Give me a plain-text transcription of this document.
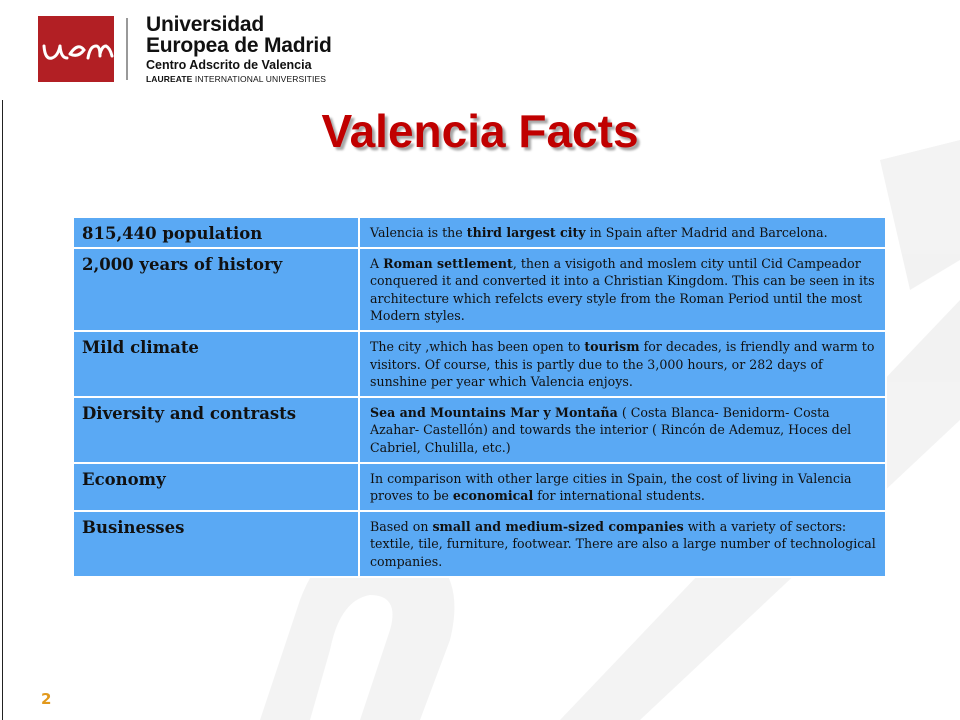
Universidad
Europea de Madrid
Centro Adscrito de Valencia
LAUREATE INTERNATIONAL UNIVERSITIES
Valencia Facts
815,440 population	Valencia is the third largest city in Spain after Madrid and Barcelona.
2,000 years of history	A Roman settlement, then a visigoth and moslem city until Cid Campeador conquered it and converted it into a Christian Kingdom. This can be seen in its architecture which refelcts every style from the Roman Period until the most Modern styles.
Mild climate	The city ,which has been open to tourism for decades, is friendly and warm to visitors. Of course, this is partly due to the 3,000 hours, or 282 days of sunshine per year which Valencia enjoys.
Diversity and contrasts	Sea and Mountains Mar y Montaña ( Costa Blanca- Benidorm- Costa Azahar- Castellón) and towards the interior ( Rincón de Ademuz, Hoces del Cabriel, Chulilla, etc.)
Economy	In comparison with other large cities in Spain, the cost of living in Valencia proves to be economical for international students.
Businesses	Based on small and medium-sized companies with a variety of sectors: textile, tile, furniture, footwear. There are also a large number of technological companies.
2
